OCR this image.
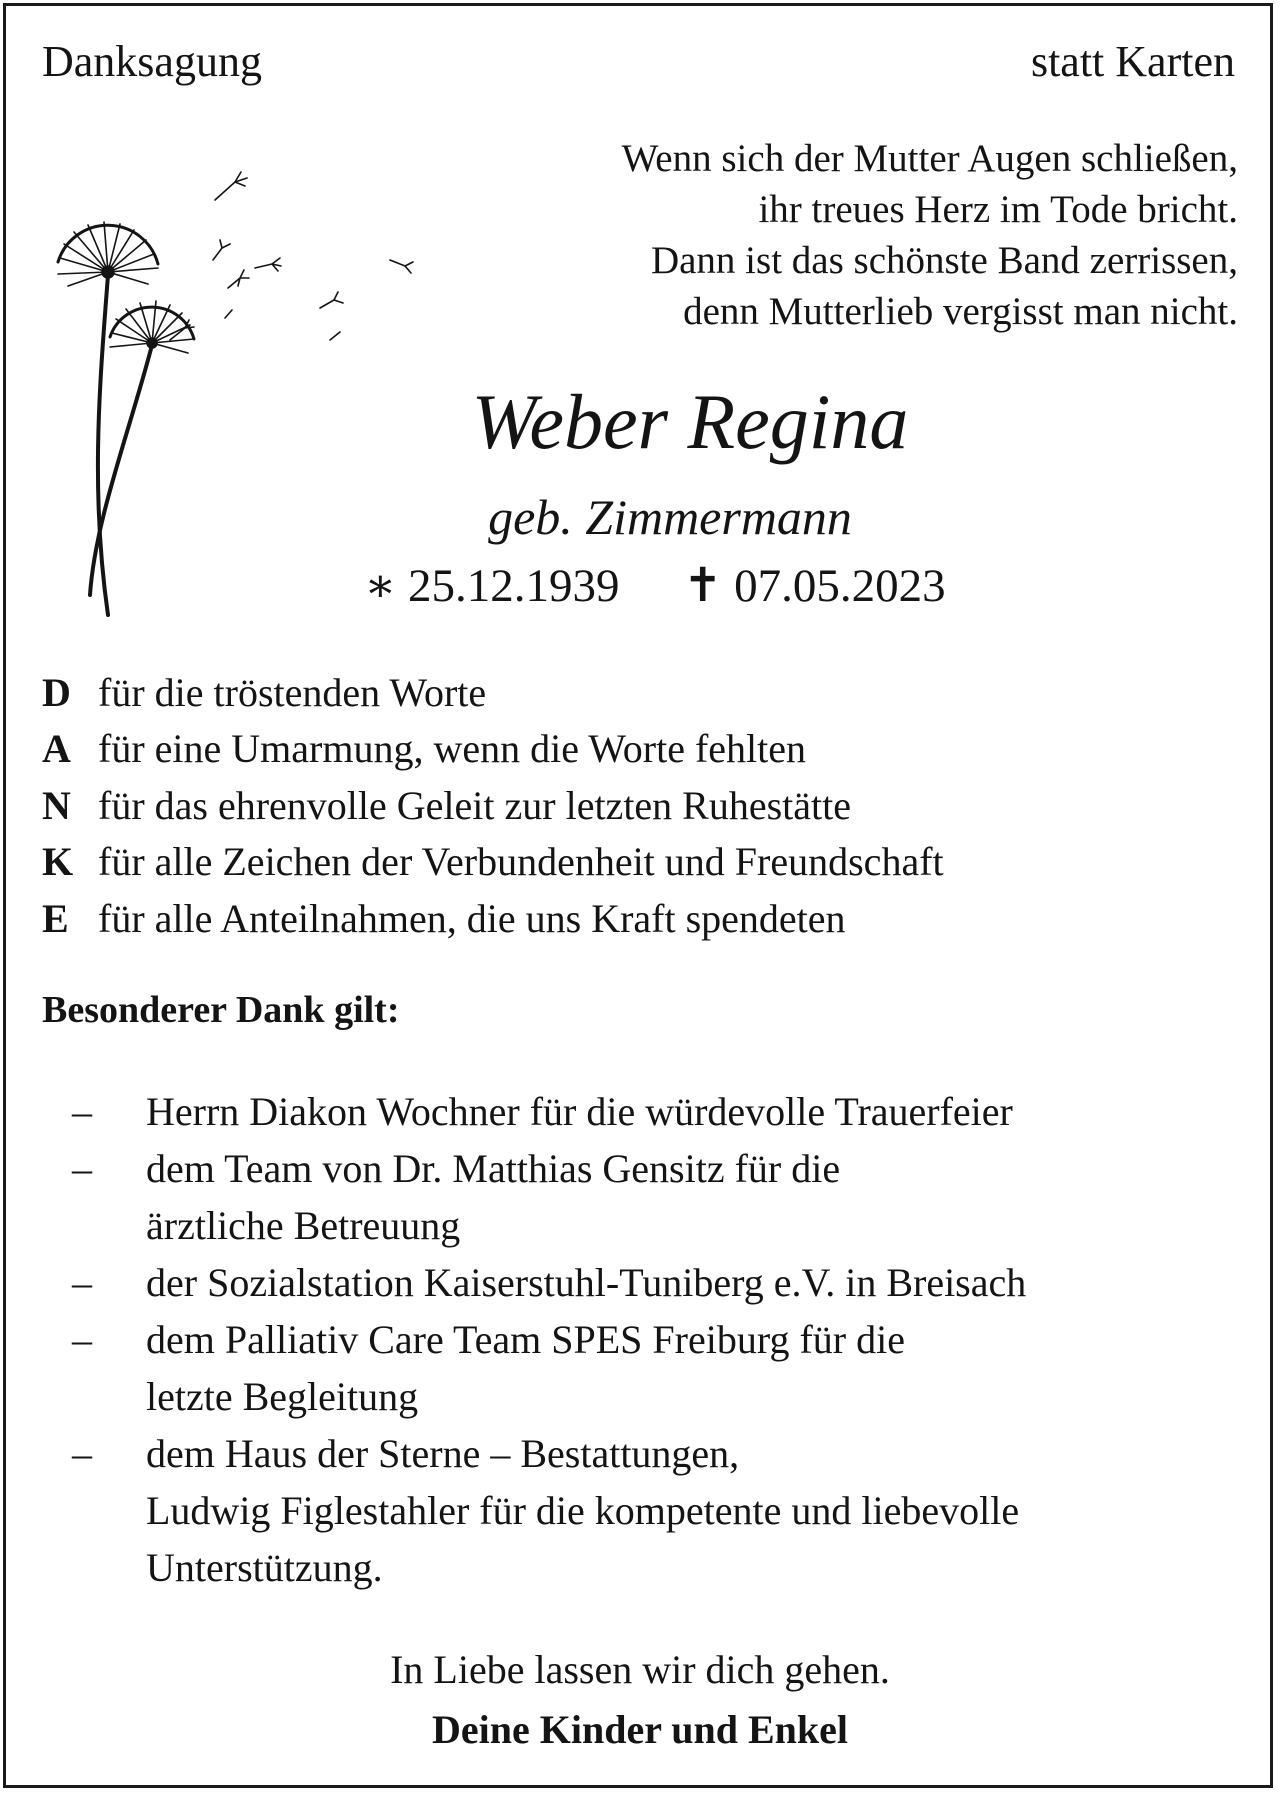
Danksagung	statt Karten
Wenn sich der Mutter Augen schließen,
ihr treues Herz im Tode bricht.
Dann ist das schönste Band zerrissen,
denn Mutterlieb vergisst man nicht.
Weber Regina
geb. Zimmermann
∗ 25.12.1939 ✝ 07.05.2023
D für die tröstenden Worte
A für eine Umarmung, wenn die Worte fehlten
N für das ehrenvolle Geleit zur letzten Ruhestätte
K für alle Zeichen der Verbundenheit und Freundschaft
E für alle Anteilnahmen, die uns Kraft spendeten
Besonderer Dank gilt:
–	Herrn Diakon Wochner für die würdevolle Trauerfeier
–	dem Team von Dr. Matthias Gensitz für die
ärztliche Betreuung
–	der Sozialstation Kaiserstuhl-Tuniberg e.V. in Breisach
–	dem Palliativ Care Team SPES Freiburg für die
letzte Begleitung
–	dem Haus der Sterne – Bestattungen,
Ludwig Figlestahler für die kompetente und liebevolle
Unterstützung.
In Liebe lassen wir dich gehen.
Deine Kinder und Enkel
